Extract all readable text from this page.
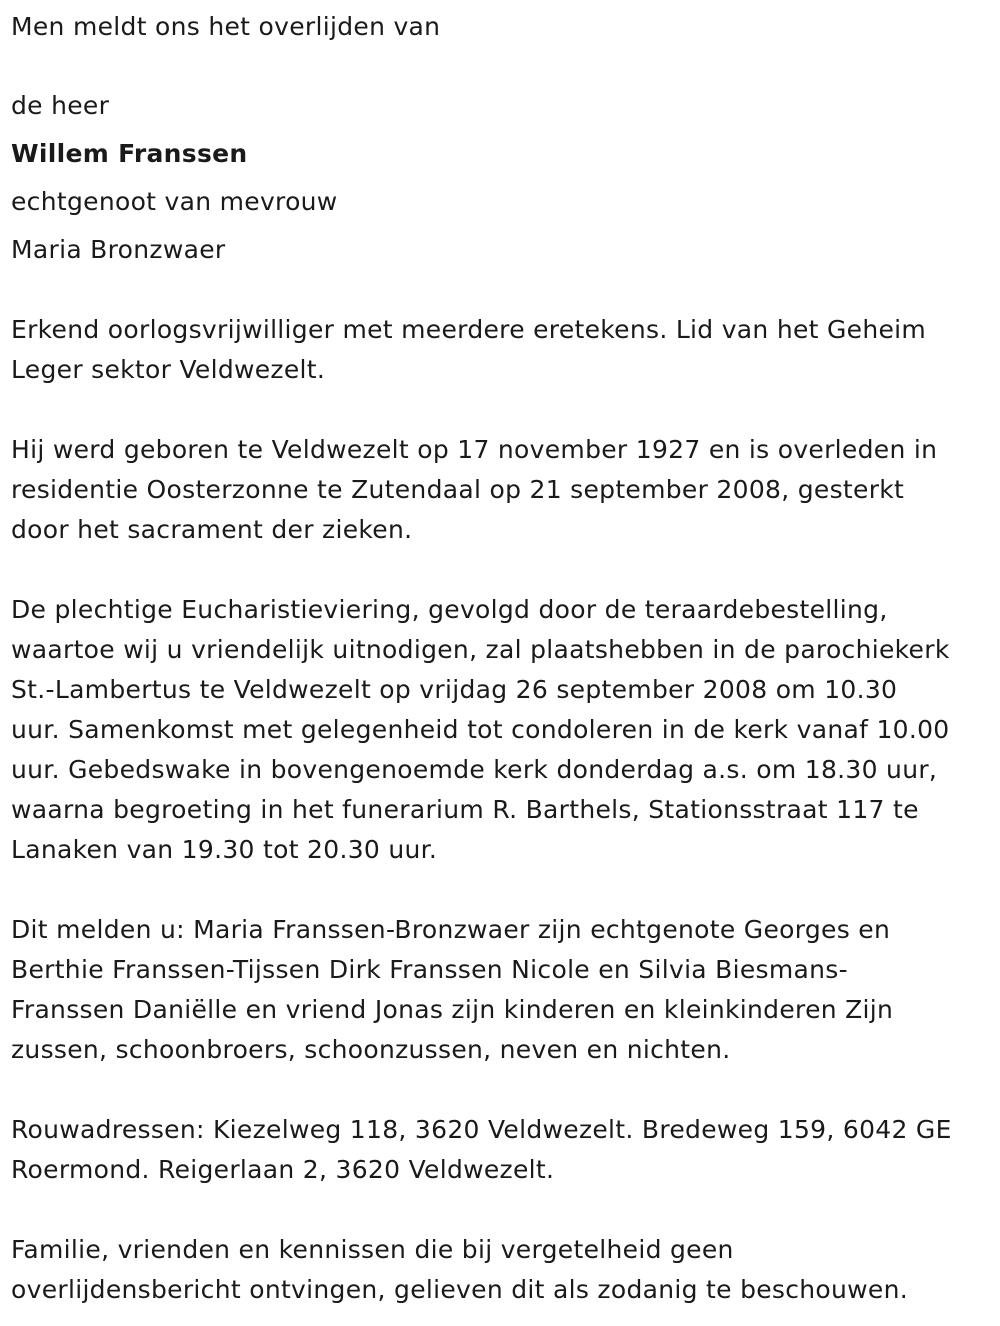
Men meldt ons het overlijden van
de heer
Willem Franssen
echtgenoot van mevrouw
Maria Bronzwaer
Erkend oorlogsvrijwilliger met meerdere eretekens. Lid van het Geheim
Leger sektor Veldwezelt.
Hij werd geboren te Veldwezelt op 17 november 1927 en is overleden in
residentie Oosterzonne te Zutendaal op 21 september 2008, gesterkt
door het sacrament der zieken.
De plechtige Eucharistieviering, gevolgd door de teraardebestelling,
waartoe wij u vriendelijk uitnodigen, zal plaatshebben in de parochiekerk
St.-Lambertus te Veldwezelt op vrijdag 26 september 2008 om 10.30
uur. Samenkomst met gelegenheid tot condoleren in de kerk vanaf 10.00
uur. Gebedswake in bovengenoemde kerk donderdag a.s. om 18.30 uur,
waarna begroeting in het funerarium R. Barthels, Stationsstraat 117 te
Lanaken van 19.30 tot 20.30 uur.
Dit melden u: Maria Franssen-Bronzwaer zijn echtgenote Georges en
Berthie Franssen-Tijssen Dirk Franssen Nicole en Silvia Biesmans-
Franssen Daniëlle en vriend Jonas zijn kinderen en kleinkinderen Zijn
zussen, schoonbroers, schoonzussen, neven en nichten.
Rouwadressen: Kiezelweg 118, 3620 Veldwezelt. Bredeweg 159, 6042 GE
Roermond. Reigerlaan 2, 3620 Veldwezelt.
Familie, vrienden en kennissen die bij vergetelheid geen
overlijdensbericht ontvingen, gelieven dit als zodanig te beschouwen.
